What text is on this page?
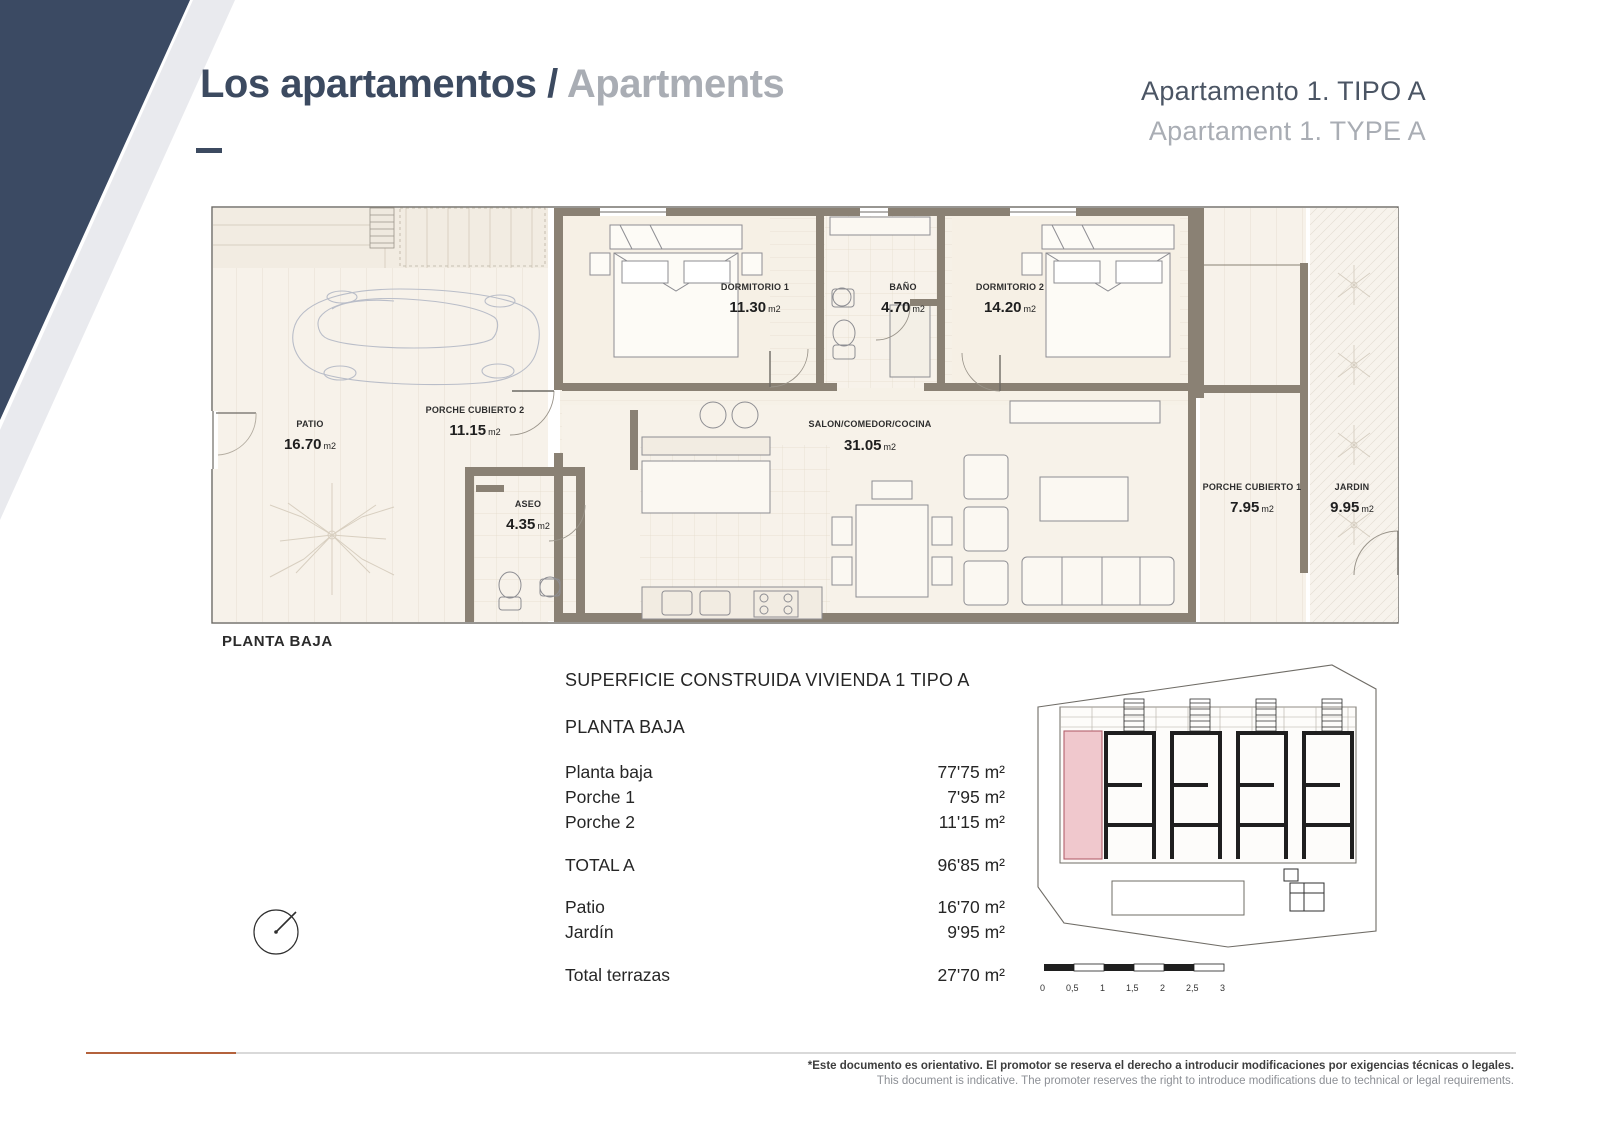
Los apartamentos / Apartments	Apartamento 1. TIPO A
Apartament 1. TYPE A
PATIO
16.70 m2
PORCHE CUBIERTO 2
11.15 m2
ASEO
4.35 m2
DORMITORIO 1
11.30 m2
BAÑO
4.70 m2
DORMITORIO 2
14.20 m2
SALON/COMEDOR/COCINA
31.05 m2
PORCHE CUBIERTO 1
7.95 m2
JARDIN
9.95 m2
PLANTA BAJA
SUPERFICIE CONSTRUIDA VIVIENDA 1 TIPO A
PLANTA BAJA
Planta baja	77'75 m²
Porche 1	7'95 m²
Porche 2	11'15 m²
TOTAL A	96'85 m²
Patio	16'70 m²
Jardín	9'95 m²
Total terrazas	27'70 m²
0 0,5 1 1,5 2 2,5 3
*Este documento es orientativo. El promotor se reserva el derecho a introducir modificaciones por exigencias técnicas o legales.
This document is indicative. The promoter reserves the right to introduce modifications due to technical or legal requirements.
